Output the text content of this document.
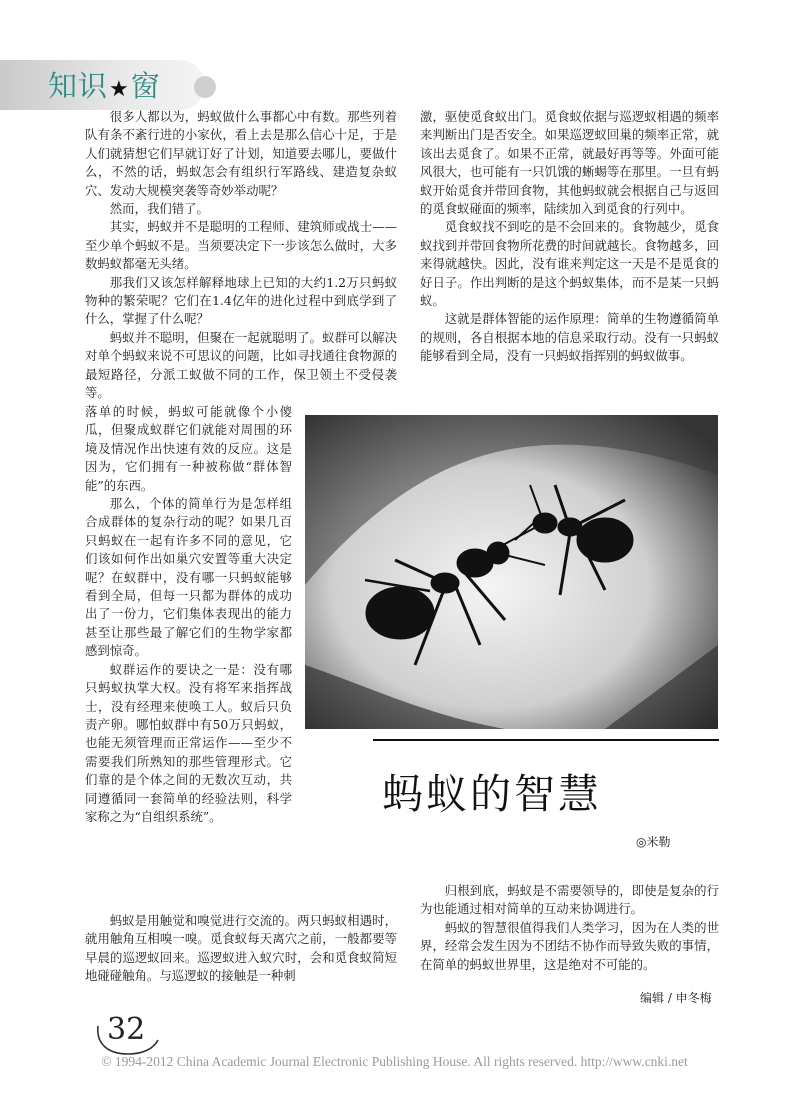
知识★窗

很多人都以为，蚂蚁做什么事都心中有数。那些列着队有条不紊行进的小家伙，看上去是那么信心十足，于是人们就猜想它们早就订好了计划，知道要去哪儿，要做什么，不然的话，蚂蚁怎会有组织行军路线、建造复杂蚁穴、发动大规模突袭等奇妙举动呢？

然而，我们错了。

其实，蚂蚁并不是聪明的工程师、建筑师或战士——至少单个蚂蚁不是。当须要决定下一步该怎么做时，大多数蚂蚁都毫无头绪。

那我们又该怎样解释地球上已知的大约1.2万只蚂蚁物种的繁荣呢？它们在1.4亿年的进化过程中到底学到了什么，掌握了什么呢？

蚂蚁并不聪明，但聚在一起就聪明了。蚁群可以解决对单个蚂蚁来说不可思议的问题，比如寻找通往食物源的最短路径，分派工蚁做不同的工作，保卫领土不受侵袭等。

落单的时候，蚂蚁可能就像个小傻瓜，但聚成蚁群它们就能对周围的环境及情况作出快速有效的反应。这是因为，它们拥有一种被称做“群体智能”的东西。

那么，个体的简单行为是怎样组合成群体的复杂行动的呢？如果几百只蚂蚁在一起有许多不同的意见，它们该如何作出如巢穴安置等重大决定呢？在蚁群中，没有哪一只蚂蚁能够看到全局，但每一只都为群体的成功出了一份力，它们集体表现出的能力甚至让那些最了解它们的生物学家都感到惊奇。

蚁群运作的要诀之一是：没有哪只蚂蚁执掌大权。没有将军来指挥战士，没有经理来使唤工人。蚁后只负责产卵。哪怕蚁群中有50万只蚂蚁，也能无须管理而正常运作——至少不需要我们所熟知的那些管理形式。它们靠的是个体之间的无数次互动，共同遵循同一套简单的经验法则，科学家称之为“自组织系统”。

蚂蚁是用触觉和嗅觉进行交流的。两只蚂蚁相遇时，就用触角互相嗅一嗅。觅食蚁每天离穴之前，一般都要等早晨的巡逻蚁回来。巡逻蚁进入蚁穴时，会和觅食蚁简短地碰碰触角。与巡逻蚁的接触是一种刺

激，驱使觅食蚁出门。觅食蚁依据与巡逻蚁相遇的频率来判断出门是否安全。如果巡逻蚁回巢的频率正常，就该出去觅食了。如果不正常，就最好再等等。外面可能风很大，也可能有一只饥饿的蜥蜴等在那里。一旦有蚂蚁开始觅食并带回食物，其他蚂蚁就会根据自己与返回的觅食蚁碰面的频率，陆续加入到觅食的行列中。

觅食蚁找不到吃的是不会回来的。食物越少，觅食蚁找到并带回食物所花费的时间就越长。食物越多，回来得就越快。因此，没有谁来判定这一天是不是觅食的好日子。作出判断的是这个蚂蚁集体，而不是某一只蚂蚁。

这就是群体智能的运作原理：简单的生物遵循简单的规则，各自根据本地的信息采取行动。没有一只蚂蚁能够看到全局，没有一只蚂蚁指挥别的蚂蚁做事。

蚂蚁的智慧
◎米勒

归根到底，蚂蚁是不需要领导的，即使是复杂的行为也能通过相对简单的互动来协调进行。

蚂蚁的智慧很值得我们人类学习，因为在人类的世界，经常会发生因为不团结不协作而导致失败的事情，在简单的蚂蚁世界里，这是绝对不可能的。

编辑 / 申冬梅
32
© 1994-2012 China Academic Journal Electronic Publishing House. All rights reserved. http://www.cnki.net
